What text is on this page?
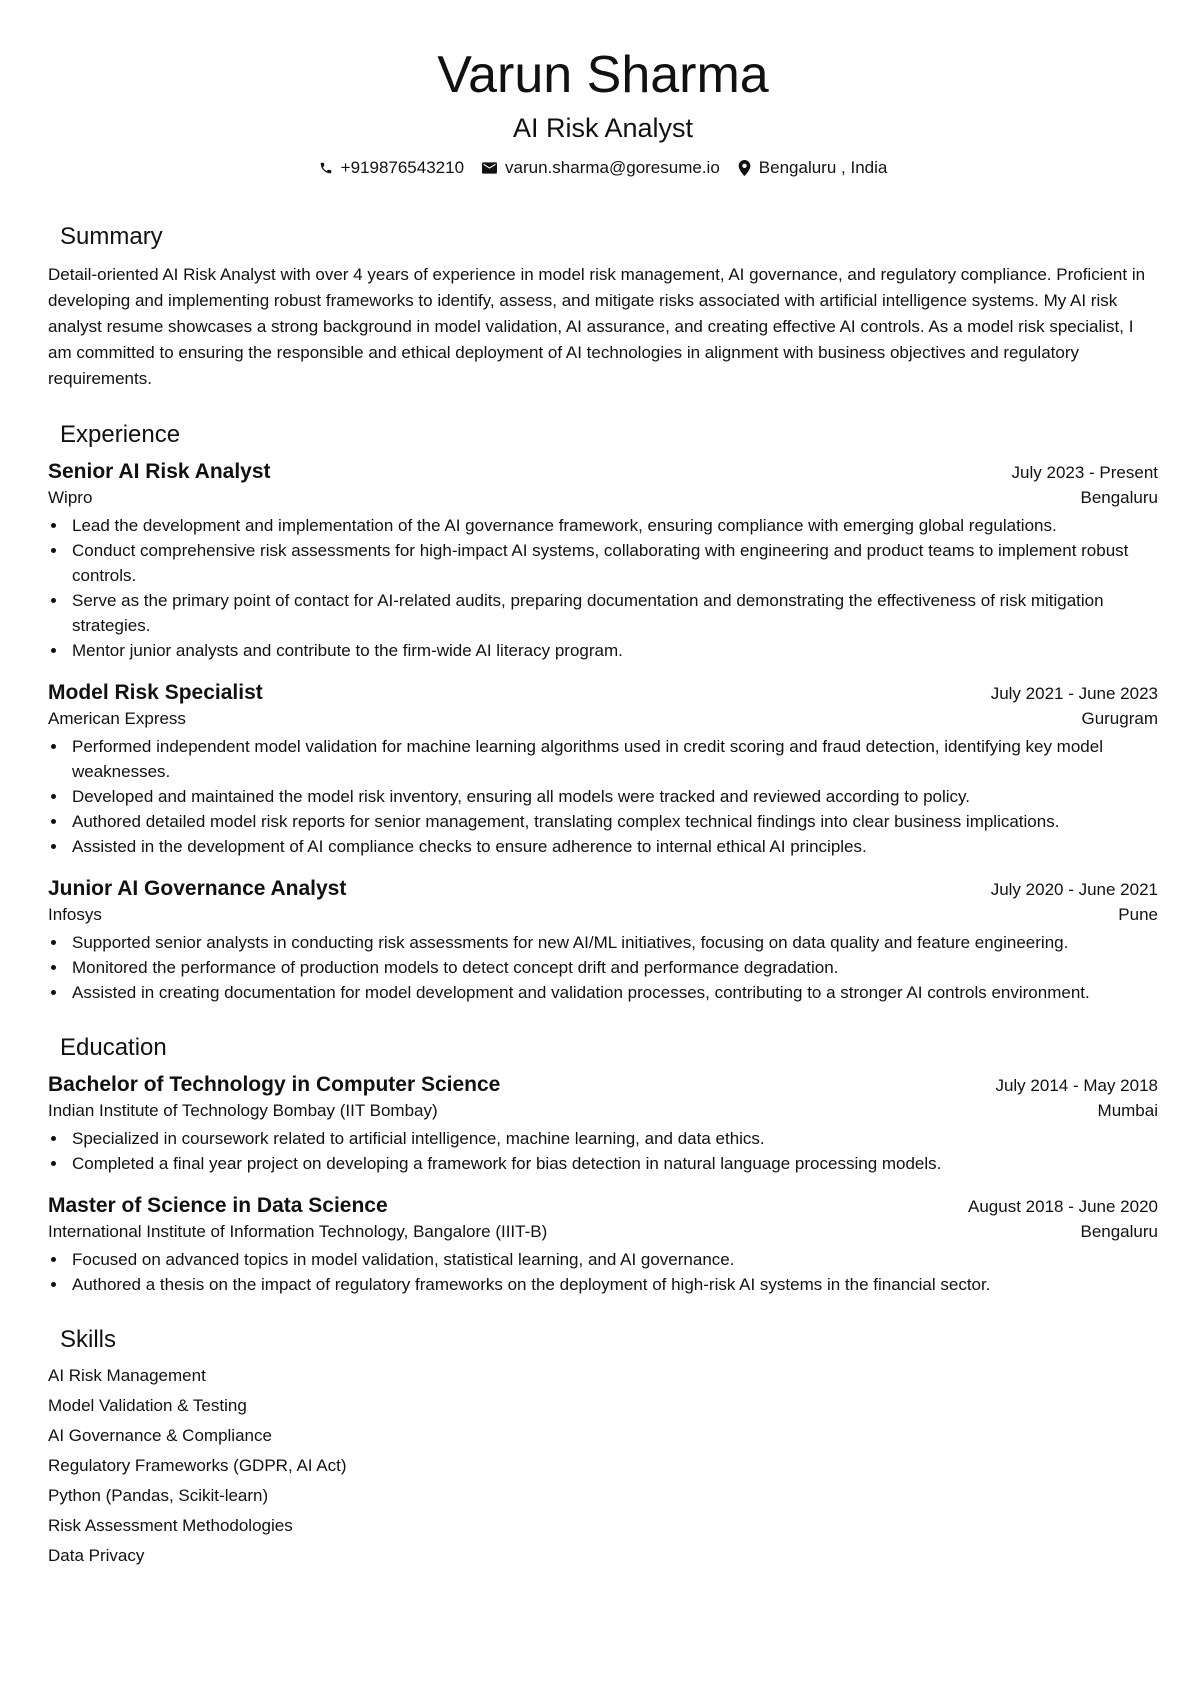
Varun Sharma
AI Risk Analyst
+919876543210 varun.sharma@goresume.io Bengaluru , India
Summary
Detail-oriented AI Risk Analyst with over 4 years of experience in model risk management, AI governance, and regulatory compliance. Proficient in developing and implementing robust frameworks to identify, assess, and mitigate risks associated with artificial intelligence systems. My AI risk analyst resume showcases a strong background in model validation, AI assurance, and creating effective AI controls. As a model risk specialist, I am committed to ensuring the responsible and ethical deployment of AI technologies in alignment with business objectives and regulatory requirements.
Experience
Senior AI Risk Analyst	July 2023 - Present
Wipro	Bengaluru
Lead the development and implementation of the AI governance framework, ensuring compliance with emerging global regulations.
Conduct comprehensive risk assessments for high-impact AI systems, collaborating with engineering and product teams to implement robust controls.
Serve as the primary point of contact for AI-related audits, preparing documentation and demonstrating the effectiveness of risk mitigation strategies.
Mentor junior analysts and contribute to the firm-wide AI literacy program.
Model Risk Specialist	July 2021 - June 2023
American Express	Gurugram
Performed independent model validation for machine learning algorithms used in credit scoring and fraud detection, identifying key model weaknesses.
Developed and maintained the model risk inventory, ensuring all models were tracked and reviewed according to policy.
Authored detailed model risk reports for senior management, translating complex technical findings into clear business implications.
Assisted in the development of AI compliance checks to ensure adherence to internal ethical AI principles.
Junior AI Governance Analyst	July 2020 - June 2021
Infosys	Pune
Supported senior analysts in conducting risk assessments for new AI/ML initiatives, focusing on data quality and feature engineering.
Monitored the performance of production models to detect concept drift and performance degradation.
Assisted in creating documentation for model development and validation processes, contributing to a stronger AI controls environment.
Education
Bachelor of Technology in Computer Science	July 2014 - May 2018
Indian Institute of Technology Bombay (IIT Bombay)	Mumbai
Specialized in coursework related to artificial intelligence, machine learning, and data ethics.
Completed a final year project on developing a framework for bias detection in natural language processing models.
Master of Science in Data Science	August 2018 - June 2020
International Institute of Information Technology, Bangalore (IIIT-B)	Bengaluru
Focused on advanced topics in model validation, statistical learning, and AI governance.
Authored a thesis on the impact of regulatory frameworks on the deployment of high-risk AI systems in the financial sector.
Skills
AI Risk Management
Model Validation & Testing
AI Governance & Compliance
Regulatory Frameworks (GDPR, AI Act)
Python (Pandas, Scikit-learn)
Risk Assessment Methodologies
Data Privacy
